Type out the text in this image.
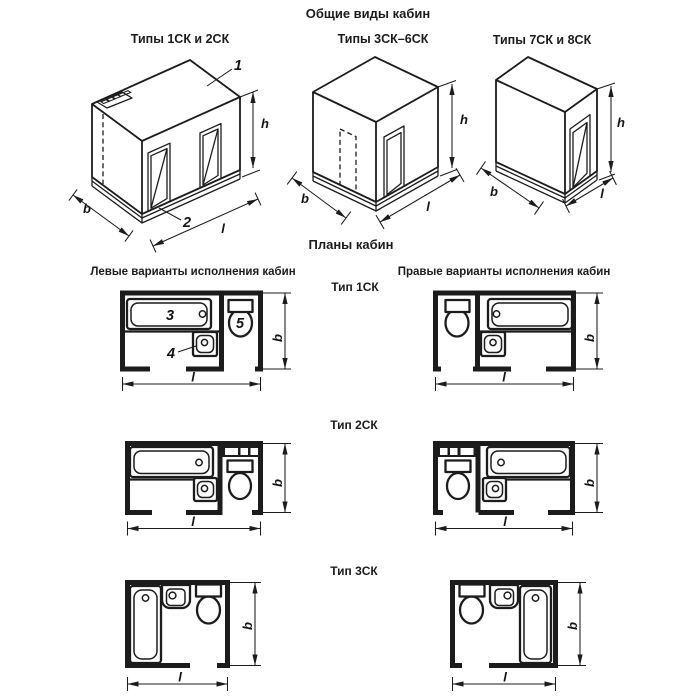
Общие виды кабин
Типы 1СК и 2СК	Типы 3СК–6СК	Типы 7СК и 8СК
Планы кабин
Левые варианты исполнения кабин	Правые варианты исполнения кабин
Тип 1СК
Тип 2СК
Тип 3СК
h
b
l
1
2
h
b
l
h
b	l
3
4
5
l
b
l
b
l
b
l
b
l
b
l
b
